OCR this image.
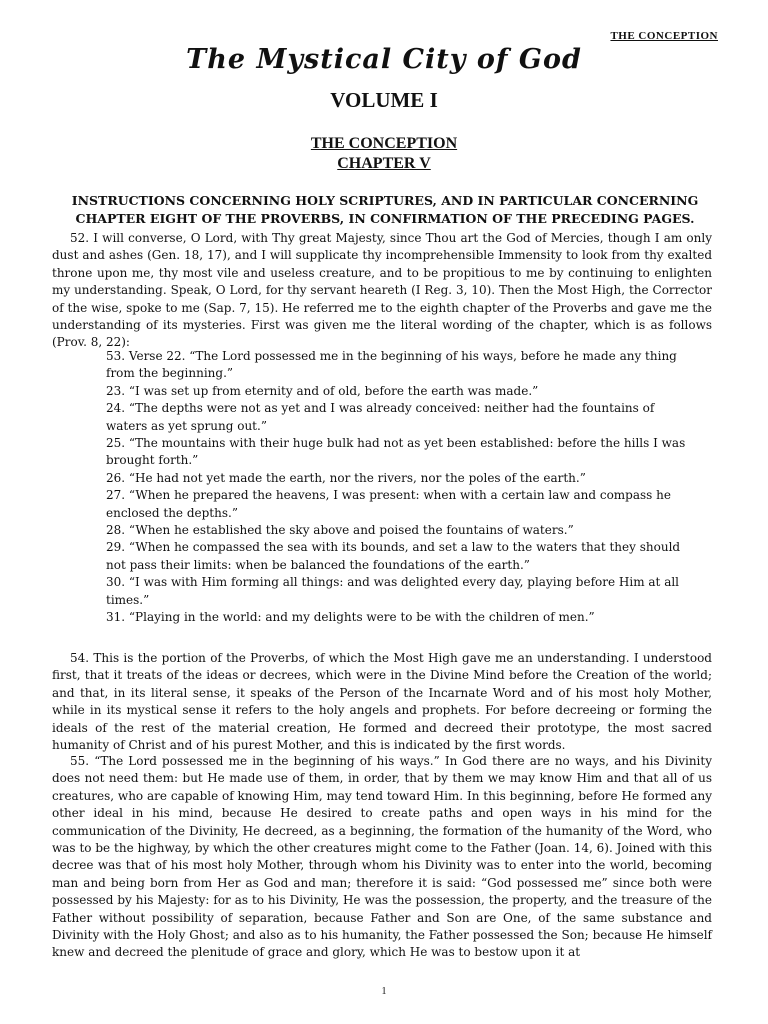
THE CONCEPTION
The Mystical City of God
VOLUME I
THE CONCEPTION
CHAPTER V

INSTRUCTIONS CONCERNING HOLY SCRIPTURES, AND IN PARTICULAR CONCERNING CHAPTER EIGHT OF THE PROVERBS, IN CONFIRMATION OF THE PRECEDING PAGES.

52. I will converse, O Lord, with Thy great Majesty, since Thou art the God of Mercies, though I am only dust and ashes (Gen. 18, 17), and I will supplicate thy incomprehensible Immensity to look from thy exalted throne upon me, thy most vile and useless creature, and to be propitious to me by continuing to enlighten my understanding. Speak, O Lord, for thy servant heareth (I Reg. 3, 10). Then the Most High, the Corrector of the wise, spoke to me (Sap. 7, 15). He referred me to the eighth chapter of the Proverbs and gave me the understanding of its mysteries. First was given me the literal wording of the chapter, which is as follows (Prov. 8, 22):

53. Verse 22. “The Lord possessed me in the beginning of his ways, before he made any thing from the beginning.”
23. “I was set up from eternity and of old, before the earth was made.”
24. “The depths were not as yet and I was already conceived: neither had the fountains of waters as yet sprung out.”
25. “The mountains with their huge bulk had not as yet been established: before the hills I was brought forth.”
26. “He had not yet made the earth, nor the rivers, nor the poles of the earth.”
27. “When he prepared the heavens, I was present: when with a certain law and compass he enclosed the depths.”
28. “When he established the sky above and poised the fountains of waters.”
29. “When he compassed the sea with its bounds, and set a law to the waters that they should not pass their limits: when be balanced the foundations of the earth.”
30. “I was with Him forming all things: and was delighted every day, playing before Him at all times.”
31. “Playing in the world: and my delights were to be with the children of men.”

54. This is the portion of the Proverbs, of which the Most High gave me an understanding. I understood first, that it treats of the ideas or decrees, which were in the Divine Mind before the Creation of the world; and that, in its literal sense, it speaks of the Person of the Incarnate Word and of his most holy Mother, while in its mystical sense it refers to the holy angels and prophets. For before decreeing or forming the ideals of the rest of the material creation, He formed and decreed their prototype, the most sacred humanity of Christ and of his purest Mother, and this is indicated by the first words.

55. “The Lord possessed me in the beginning of his ways.” In God there are no ways, and his Divinity does not need them: but He made use of them, in order, that by them we may know Him and that all of us creatures, who are capable of knowing Him, may tend toward Him. In this beginning, before He formed any other ideal in his mind, because He desired to create paths and open ways in his mind for the communication of the Divinity, He decreed, as a beginning, the formation of the humanity of the Word, who was to be the highway, by which the other creatures might come to the Father (Joan. 14, 6). Joined with this decree was that of his most holy Mother, through whom his Divinity was to enter into the world, becoming man and being born from Her as God and man; therefore it is said: “God possessed me” since both were possessed by his Majesty: for as to his Divinity, He was the possession, the property, and the treasure of the Father without possibility of separation, because Father and Son are One, of the same substance and Divinity with the Holy Ghost; and also as to his humanity, the Father possessed the Son; because He himself knew and decreed the plenitude of grace and glory, which He was to bestow upon it at

1
